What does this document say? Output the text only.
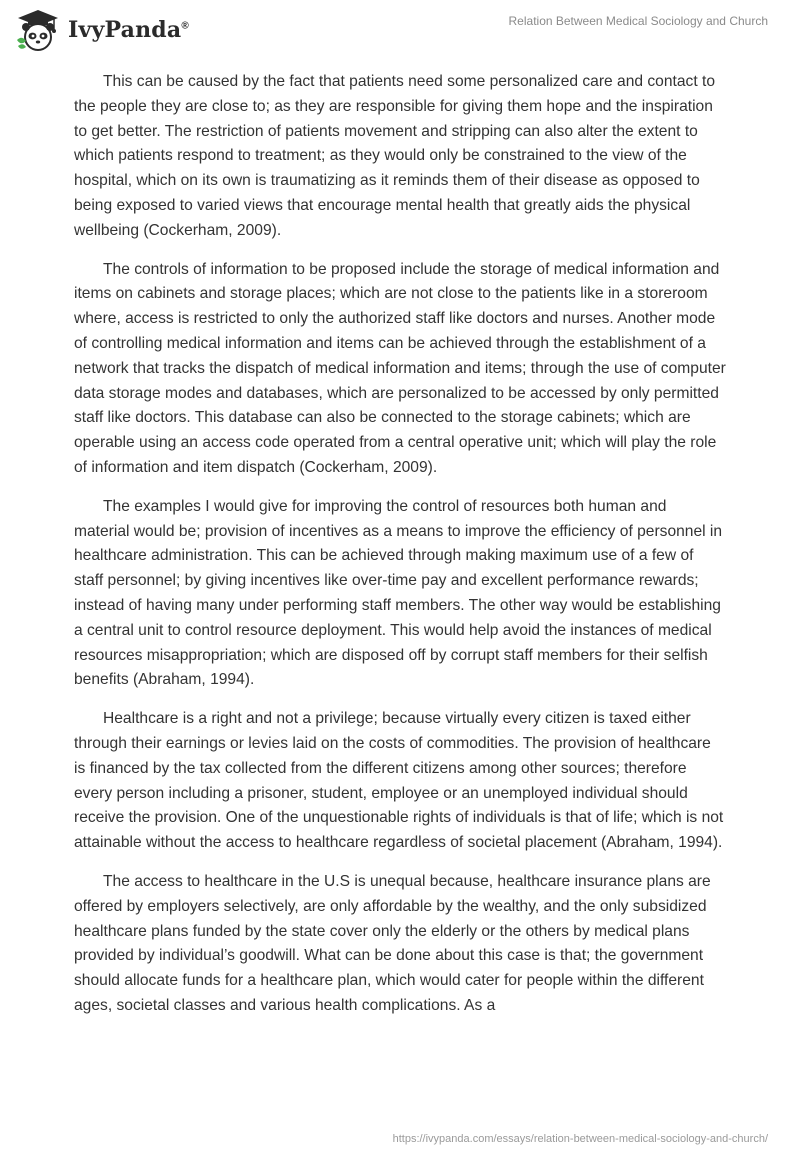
IvyPanda®	Relation Between Medical Sociology and Church

This can be caused by the fact that patients need some personalized care and contact to the people they are close to; as they are responsible for giving them hope and the inspiration to get better. The restriction of patients movement and stripping can also alter the extent to which patients respond to treatment; as they would only be constrained to the view of the hospital, which on its own is traumatizing as it reminds them of their disease as opposed to being exposed to varied views that encourage mental health that greatly aids the physical wellbeing (Cockerham, 2009).

The controls of information to be proposed include the storage of medical information and items on cabinets and storage places; which are not close to the patients like in a storeroom where, access is restricted to only the authorized staff like doctors and nurses. Another mode of controlling medical information and items can be achieved through the establishment of a network that tracks the dispatch of medical information and items; through the use of computer data storage modes and databases, which are personalized to be accessed by only permitted staff like doctors. This database can also be connected to the storage cabinets; which are operable using an access code operated from a central operative unit; which will play the role of information and item dispatch (Cockerham, 2009).

The examples I would give for improving the control of resources both human and material would be; provision of incentives as a means to improve the efficiency of personnel in healthcare administration. This can be achieved through making maximum use of a few of staff personnel; by giving incentives like over-time pay and excellent performance rewards; instead of having many under performing staff members. The other way would be establishing a central unit to control resource deployment. This would help avoid the instances of medical resources misappropriation; which are disposed off by corrupt staff members for their selfish benefits (Abraham, 1994).

Healthcare is a right and not a privilege; because virtually every citizen is taxed either through their earnings or levies laid on the costs of commodities. The provision of healthcare is financed by the tax collected from the different citizens among other sources; therefore every person including a prisoner, student, employee or an unemployed individual should receive the provision. One of the unquestionable rights of individuals is that of life; which is not attainable without the access to healthcare regardless of societal placement (Abraham, 1994).

The access to healthcare in the U.S is unequal because, healthcare insurance plans are offered by employers selectively, are only affordable by the wealthy, and the only subsidized healthcare plans funded by the state cover only the elderly or the others by medical plans provided by individual’s goodwill. What can be done about this case is that; the government should allocate funds for a healthcare plan, which would cater for people within the different ages, societal classes and various health complications. As a

https://ivypanda.com/essays/relation-between-medical-sociology-and-church/
